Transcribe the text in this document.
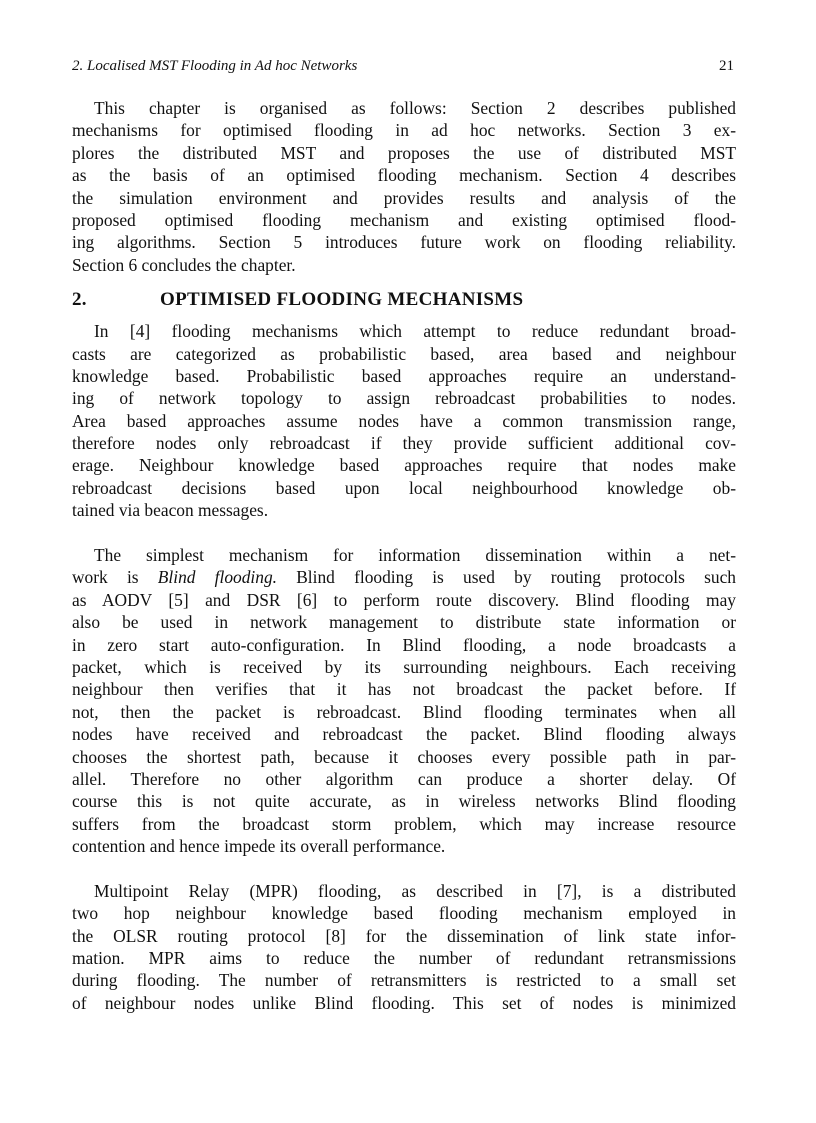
2. Localised MST Flooding in Ad hoc Networks	21
This chapter is organised as follows: Section 2 describes published
mechanisms for optimised flooding in ad hoc networks. Section 3 ex-
plores the distributed MST and proposes the use of distributed MST
as the basis of an optimised flooding mechanism. Section 4 describes
the simulation environment and provides results and analysis of the
proposed optimised flooding mechanism and existing optimised flood-
ing algorithms. Section 5 introduces future work on flooding reliability.
Section 6 concludes the chapter.
2.	OPTIMISED FLOODING MECHANISMS
In [4] flooding mechanisms which attempt to reduce redundant broad-
casts are categorized as probabilistic based, area based and neighbour
knowledge based. Probabilistic based approaches require an understand-
ing of network topology to assign rebroadcast probabilities to nodes.
Area based approaches assume nodes have a common transmission range,
therefore nodes only rebroadcast if they provide sufficient additional cov-
erage. Neighbour knowledge based approaches require that nodes make
rebroadcast decisions based upon local neighbourhood knowledge ob-
tained via beacon messages.
The simplest mechanism for information dissemination within a net-
work is Blind flooding. Blind flooding is used by routing protocols such
as AODV [5] and DSR [6] to perform route discovery. Blind flooding may
also be used in network management to distribute state information or
in zero start auto-configuration. In Blind flooding, a node broadcasts a
packet, which is received by its surrounding neighbours. Each receiving
neighbour then verifies that it has not broadcast the packet before. If
not, then the packet is rebroadcast. Blind flooding terminates when all
nodes have received and rebroadcast the packet. Blind flooding always
chooses the shortest path, because it chooses every possible path in par-
allel. Therefore no other algorithm can produce a shorter delay. Of
course this is not quite accurate, as in wireless networks Blind flooding
suffers from the broadcast storm problem, which may increase resource
contention and hence impede its overall performance.
Multipoint Relay (MPR) flooding, as described in [7], is a distributed
two hop neighbour knowledge based flooding mechanism employed in
the OLSR routing protocol [8] for the dissemination of link state infor-
mation. MPR aims to reduce the number of redundant retransmissions
during flooding. The number of retransmitters is restricted to a small set
of neighbour nodes unlike Blind flooding. This set of nodes is minimized
